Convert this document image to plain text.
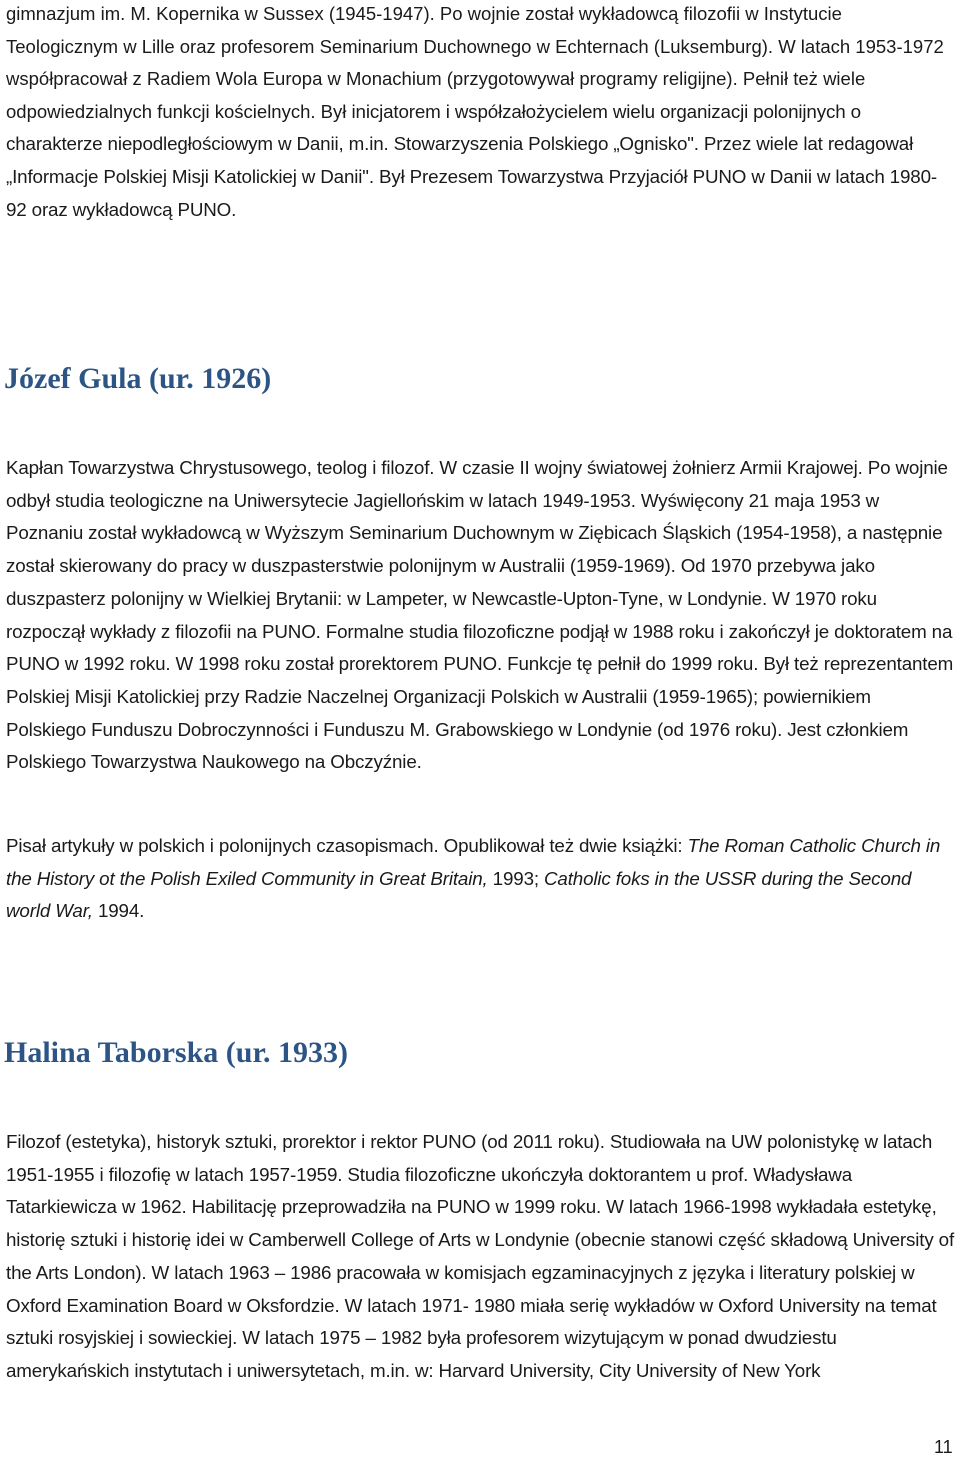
gimnazjum im. M. Kopernika w Sussex (1945-1947). Po wojnie został wykładowcą filozofii w Instytucie Teologicznym w Lille oraz profesorem Seminarium Duchownego w Echternach (Luksemburg). W latach 1953-1972 współpracował z Radiem Wola Europa w Monachium (przygotowywał programy religijne). Pełnił też wiele odpowiedzialnych funkcji kościelnych. Był inicjatorem i współzałożycielem wielu organizacji polonijnych o charakterze niepodległościowym w Danii, m.in. Stowarzyszenia Polskiego „Ognisko". Przez wiele lat redagował „Informacje Polskiej Misji Katolickiej w Danii". Był Prezesem Towarzystwa Przyjaciół PUNO w Danii w latach 1980-92 oraz wykładowcą PUNO.

Józef Gula (ur. 1926)

Kapłan Towarzystwa Chrystusowego, teolog i filozof. W czasie II wojny światowej żołnierz Armii Krajowej. Po wojnie odbył studia teologiczne na Uniwersytecie Jagiellońskim w latach 1949-1953. Wyświęcony 21 maja 1953 w Poznaniu został wykładowcą w Wyższym Seminarium Duchownym w Ziębicach Śląskich (1954-1958), a następnie został skierowany do pracy w duszpasterstwie polonijnym w Australii (1959-1969). Od 1970 przebywa jako duszpasterz polonijny w Wielkiej Brytanii: w Lampeter, w Newcastle-Upton-Tyne, w Londynie. W 1970 roku rozpoczął wykłady z filozofii na PUNO. Formalne studia filozoficzne podjął w 1988 roku i zakończył je doktoratem na PUNO w 1992 roku. W 1998 roku został prorektorem PUNO. Funkcje tę pełnił do 1999 roku. Był też reprezentantem Polskiej Misji Katolickiej przy Radzie Naczelnej Organizacji Polskich w Australii (1959-1965); powiernikiem Polskiego Funduszu Dobroczynności i Funduszu M. Grabowskiego w Londynie (od 1976 roku). Jest członkiem Polskiego Towarzystwa Naukowego na Obczyźnie.

Pisał artykuły w polskich i polonijnych czasopismach. Opublikował też dwie książki: The Roman Catholic Church in the History ot the Polish Exiled Community in Great Britain, 1993; Catholic foks in the USSR during the Second world War, 1994.

Halina Taborska (ur. 1933)

Filozof (estetyka), historyk sztuki, prorektor i rektor PUNO (od 2011 roku). Studiowała na UW polonistykę w latach 1951-1955 i filozofię w latach 1957-1959. Studia filozoficzne ukończyła doktorantem u prof. Władysława Tatarkiewicza w 1962. Habilitację przeprowadziła na PUNO w 1999 roku. W latach 1966-1998 wykładała estetykę, historię sztuki i historię idei w Camberwell College of Arts w Londynie (obecnie stanowi część składową University of the Arts London). W latach 1963 – 1986 pracowała w komisjach egzaminacyjnych z języka i literatury polskiej w Oxford Examination Board w Oksfordzie. W latach 1971- 1980 miała serię wykładów w Oxford University na temat sztuki rosyjskiej i sowieckiej. W latach 1975 – 1982 była profesorem wizytującym w ponad dwudziestu amerykańskich instytutach i uniwersytetach, m.in. w: Harvard University, City University of New York

11
